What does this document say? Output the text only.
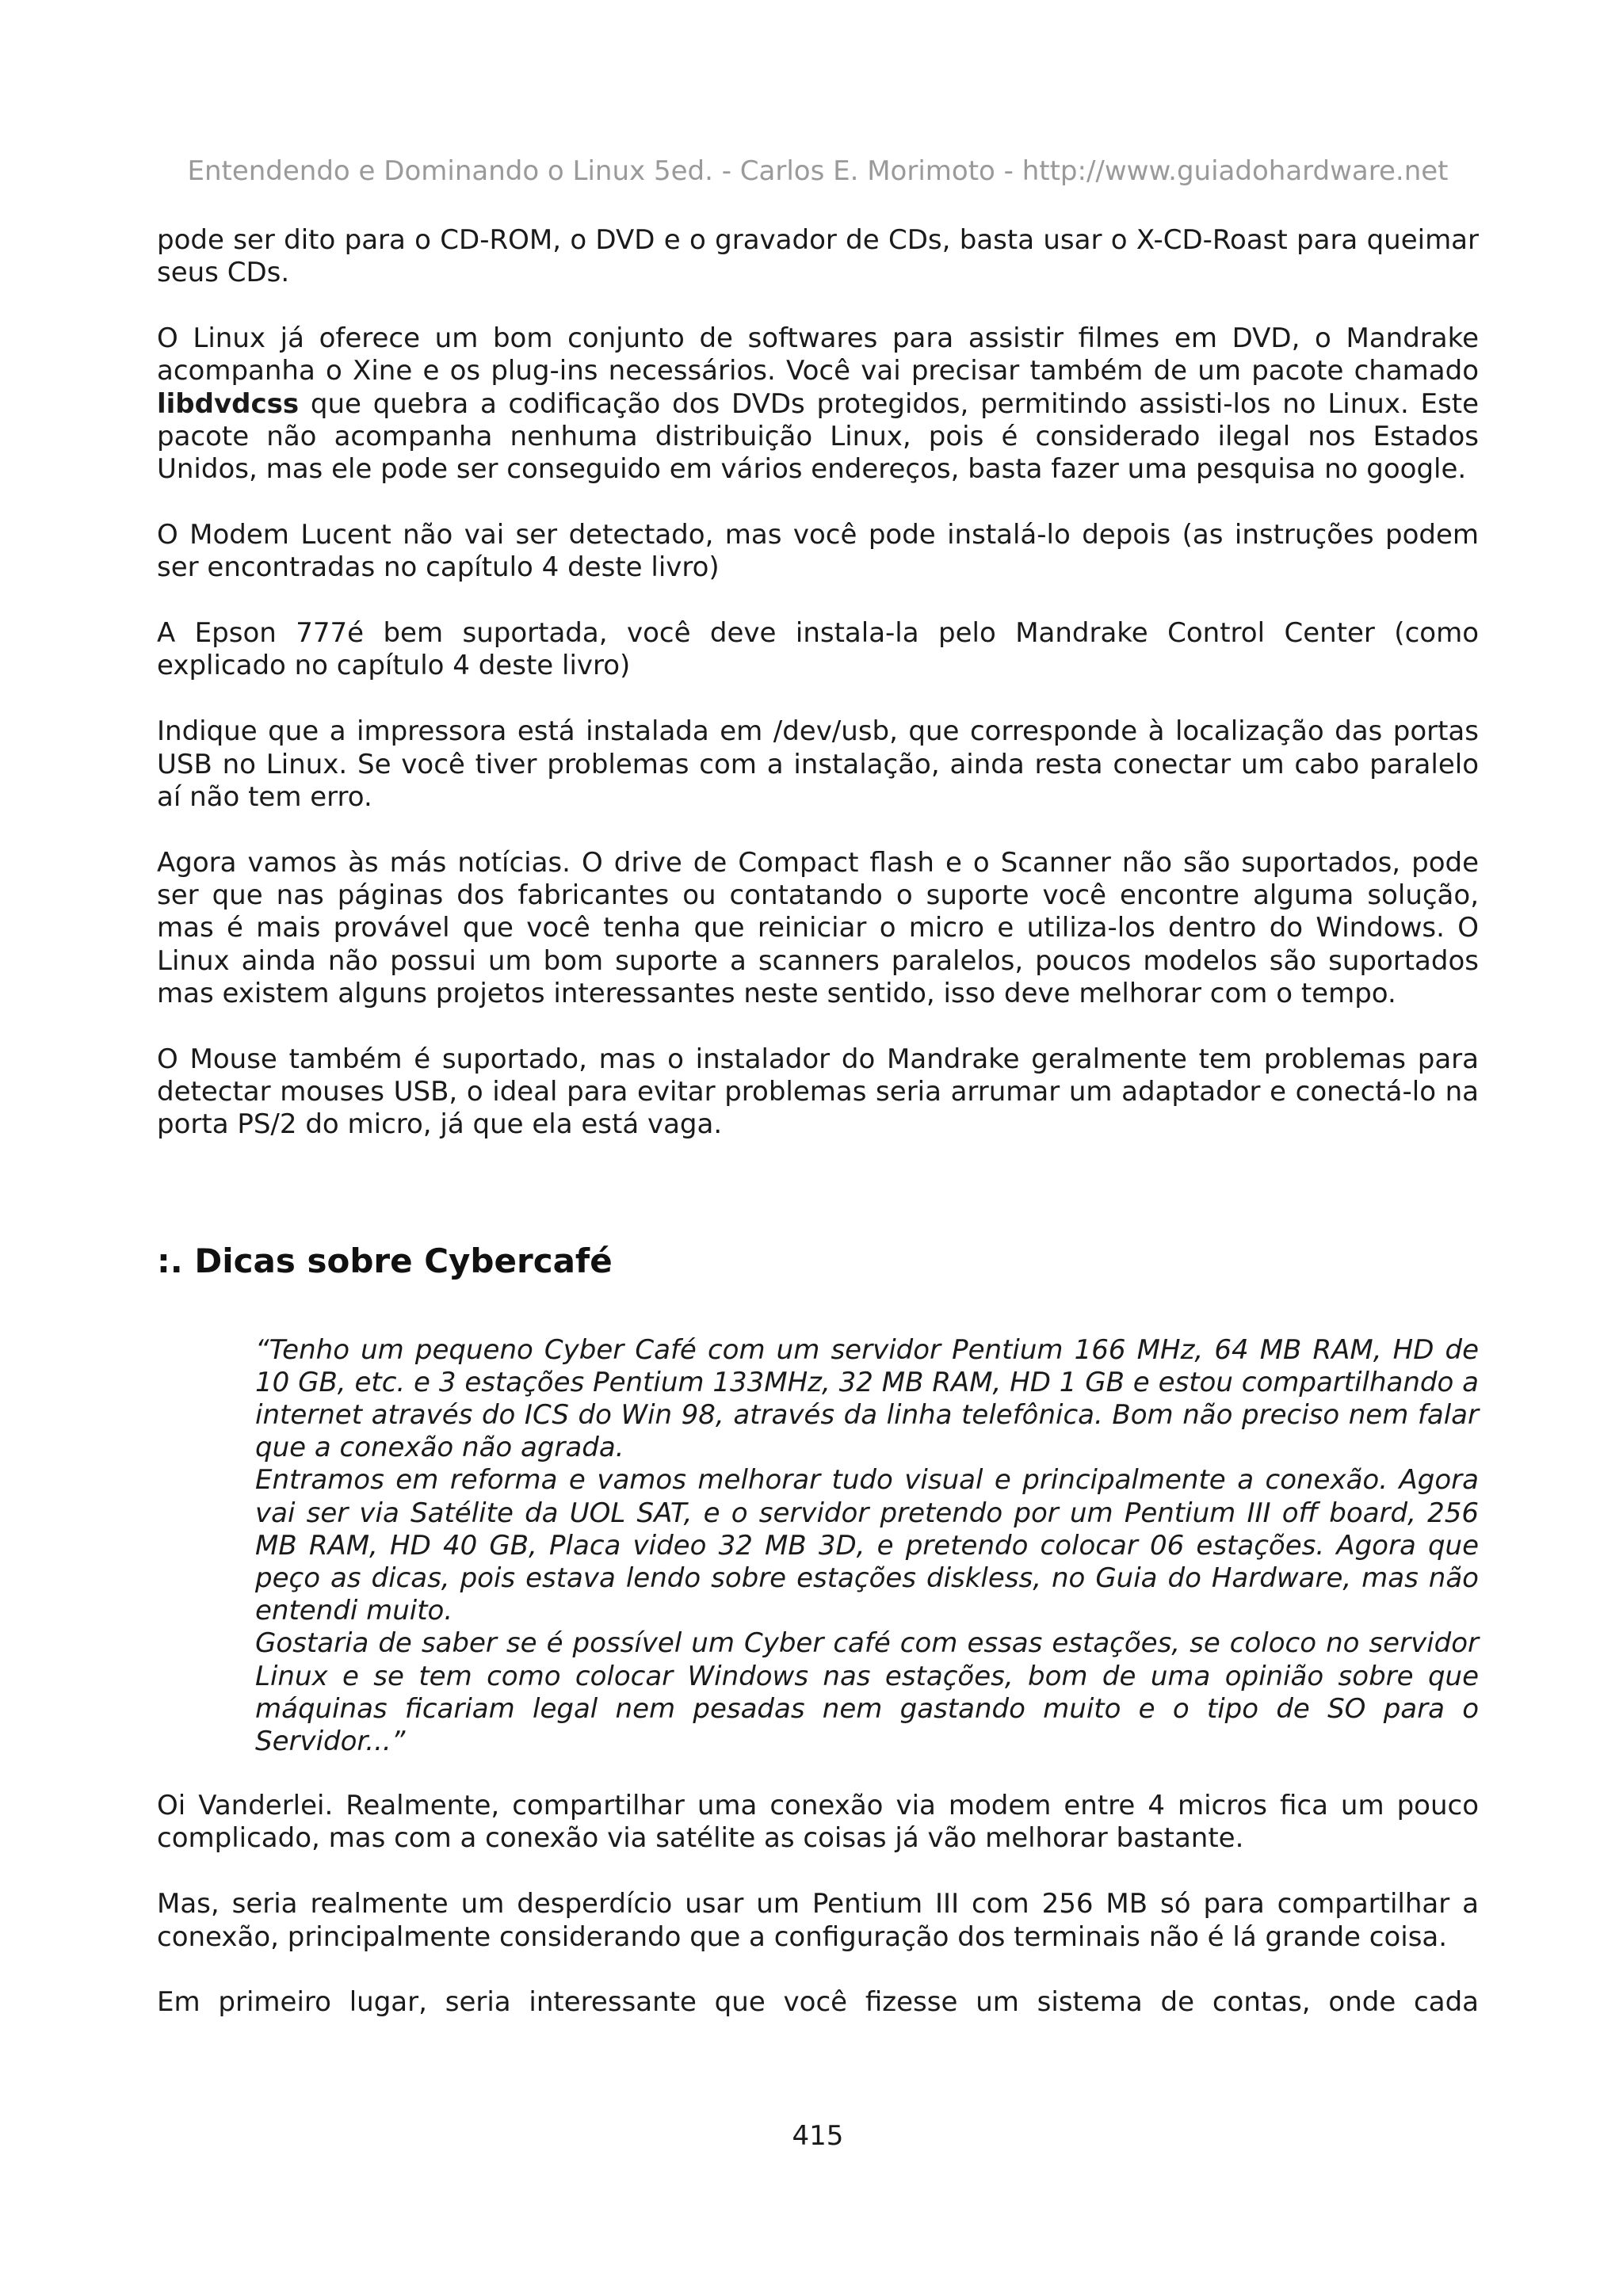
Entendendo e Dominando o Linux 5ed. - Carlos E. Morimoto - http://www.guiadohardware.net

pode ser dito para o CD-ROM, o DVD e o gravador de CDs, basta usar o X-CD-Roast para queimar seus CDs.

O Linux já oferece um bom conjunto de softwares para assistir filmes em DVD, o Mandrake acompanha o Xine e os plug-ins necessários. Você vai precisar também de um pacote chamado libdvdcss que quebra a codificação dos DVDs protegidos, permitindo assisti-los no Linux. Este pacote não acompanha nenhuma distribuição Linux, pois é considerado ilegal nos Estados Unidos, mas ele pode ser conseguido em vários endereços, basta fazer uma pesquisa no google.

O Modem Lucent não vai ser detectado, mas você pode instalá-lo depois (as instruções podem ser encontradas no capítulo 4 deste livro)

A Epson 777é bem suportada, você deve instala-la pelo Mandrake Control Center (como explicado no capítulo 4 deste livro)

Indique que a impressora está instalada em /dev/usb, que corresponde à localização das portas USB no Linux. Se você tiver problemas com a instalação, ainda resta conectar um cabo paralelo aí não tem erro.

Agora vamos às más notícias. O drive de Compact flash e o Scanner não são suportados, pode ser que nas páginas dos fabricantes ou contatando o suporte você encontre alguma solução, mas é mais provável que você tenha que reiniciar o micro e utiliza-los dentro do Windows. O Linux ainda não possui um bom suporte a scanners paralelos, poucos modelos são suportados mas existem alguns projetos interessantes neste sentido, isso deve melhorar com o tempo.

O Mouse também é suportado, mas o instalador do Mandrake geralmente tem problemas para detectar mouses USB, o ideal para evitar problemas seria arrumar um adaptador e conectá-lo na porta PS/2 do micro, já que ela está vaga.

:. Dicas sobre Cybercafé

“Tenho um pequeno Cyber Café com um servidor Pentium 166 MHz, 64 MB RAM, HD de 10 GB, etc. e 3 estações Pentium 133MHz, 32 MB RAM, HD 1 GB e estou compartilhando a internet através do ICS do Win 98, através da linha telefônica. Bom não preciso nem falar que a conexão não agrada.

Entramos em reforma e vamos melhorar tudo visual e principalmente a conexão. Agora vai ser via Satélite da UOL SAT, e o servidor pretendo por um Pentium III off board, 256 MB RAM, HD 40 GB, Placa video 32 MB 3D, e pretendo colocar 06 estações. Agora que peço as dicas, pois estava lendo sobre estações diskless, no Guia do Hardware, mas não entendi muito.

Gostaria de saber se é possível um Cyber café com essas estações, se coloco no servidor Linux e se tem como colocar Windows nas estações, bom de uma opinião sobre que máquinas ficariam legal nem pesadas nem gastando muito e o tipo de SO para o Servidor...”

Oi Vanderlei. Realmente, compartilhar uma conexão via modem entre 4 micros fica um pouco complicado, mas com a conexão via satélite as coisas já vão melhorar bastante.

Mas, seria realmente um desperdício usar um Pentium III com 256 MB só para compartilhar a conexão, principalmente considerando que a configuração dos terminais não é lá grande coisa.

Em primeiro lugar, seria interessante que você fizesse um sistema de contas, onde cada

415
